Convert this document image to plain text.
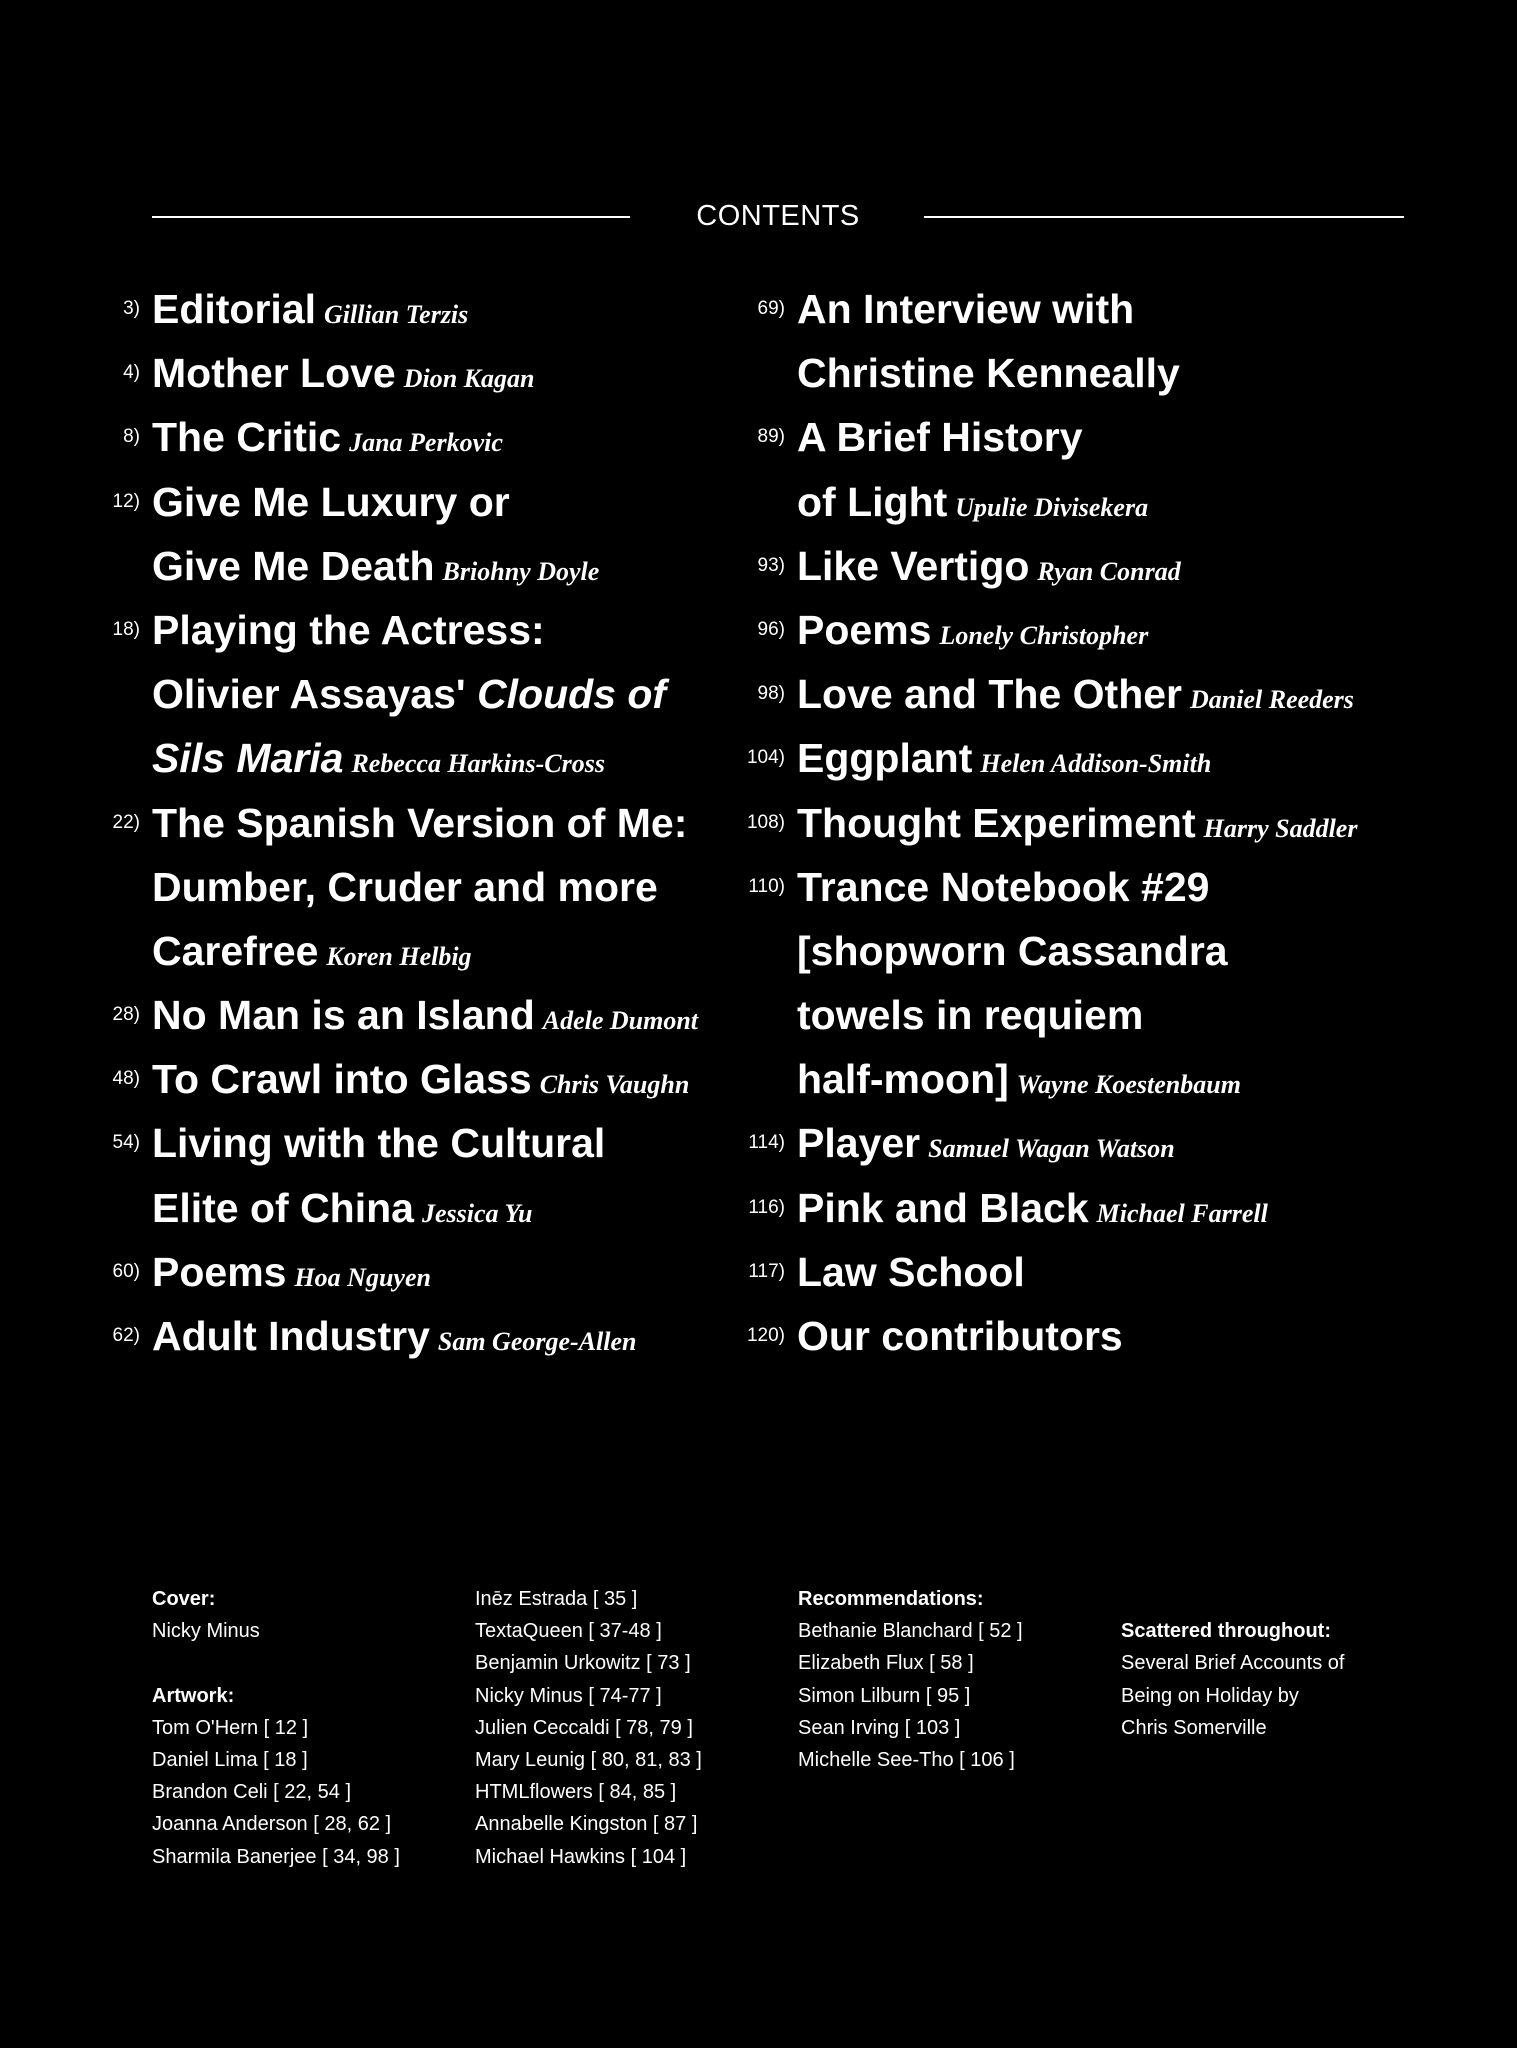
CONTENTS
3) Editorial Gillian Terzis
4) Mother Love Dion Kagan
8) The Critic Jana Perkovic
12) Give Me Luxury or
Give Me Death Briohny Doyle
18) Playing the Actress:
Olivier Assayas' Clouds of
Sils Maria Rebecca Harkins-Cross
22) The Spanish Version of Me:
Dumber, Cruder and more
Carefree Koren Helbig
28) No Man is an Island Adele Dumont
48) To Crawl into Glass Chris Vaughn
54) Living with the Cultural
Elite of China Jessica Yu
60) Poems Hoa Nguyen
62) Adult Industry Sam George-Allen
69) An Interview with
Christine Kenneally
89) A Brief History
of Light Upulie Divisekera
93) Like Vertigo Ryan Conrad
96) Poems Lonely Christopher
98) Love and The Other Daniel Reeders
104) Eggplant Helen Addison-Smith
108) Thought Experiment Harry Saddler
110) Trance Notebook #29
[shopworn Cassandra
towels in requiem
half-moon] Wayne Koestenbaum
114) Player Samuel Wagan Watson
116) Pink and Black Michael Farrell
117) Law School
120) Our contributors
Cover:
Nicky Minus
Artwork:
Tom O'Hern [ 12 ]
Daniel Lima [ 18 ]
Brandon Celi [ 22, 54 ]
Joanna Anderson [ 28, 62 ]
Sharmila Banerjee [ 34, 98 ]
Inēz Estrada [ 35 ]
TextaQueen [ 37-48 ]
Benjamin Urkowitz [ 73 ]
Nicky Minus [ 74-77 ]
Julien Ceccaldi [ 78, 79 ]
Mary Leunig [ 80, 81, 83 ]
HTMLflowers [ 84, 85 ]
Annabelle Kingston [ 87 ]
Michael Hawkins [ 104 ]
Recommendations:
Bethanie Blanchard [ 52 ]
Elizabeth Flux [ 58 ]
Simon Lilburn [ 95 ]
Sean Irving [ 103 ]
Michelle See-Tho [ 106 ]
Scattered throughout:
Several Brief Accounts of
Being on Holiday by
Chris Somerville
